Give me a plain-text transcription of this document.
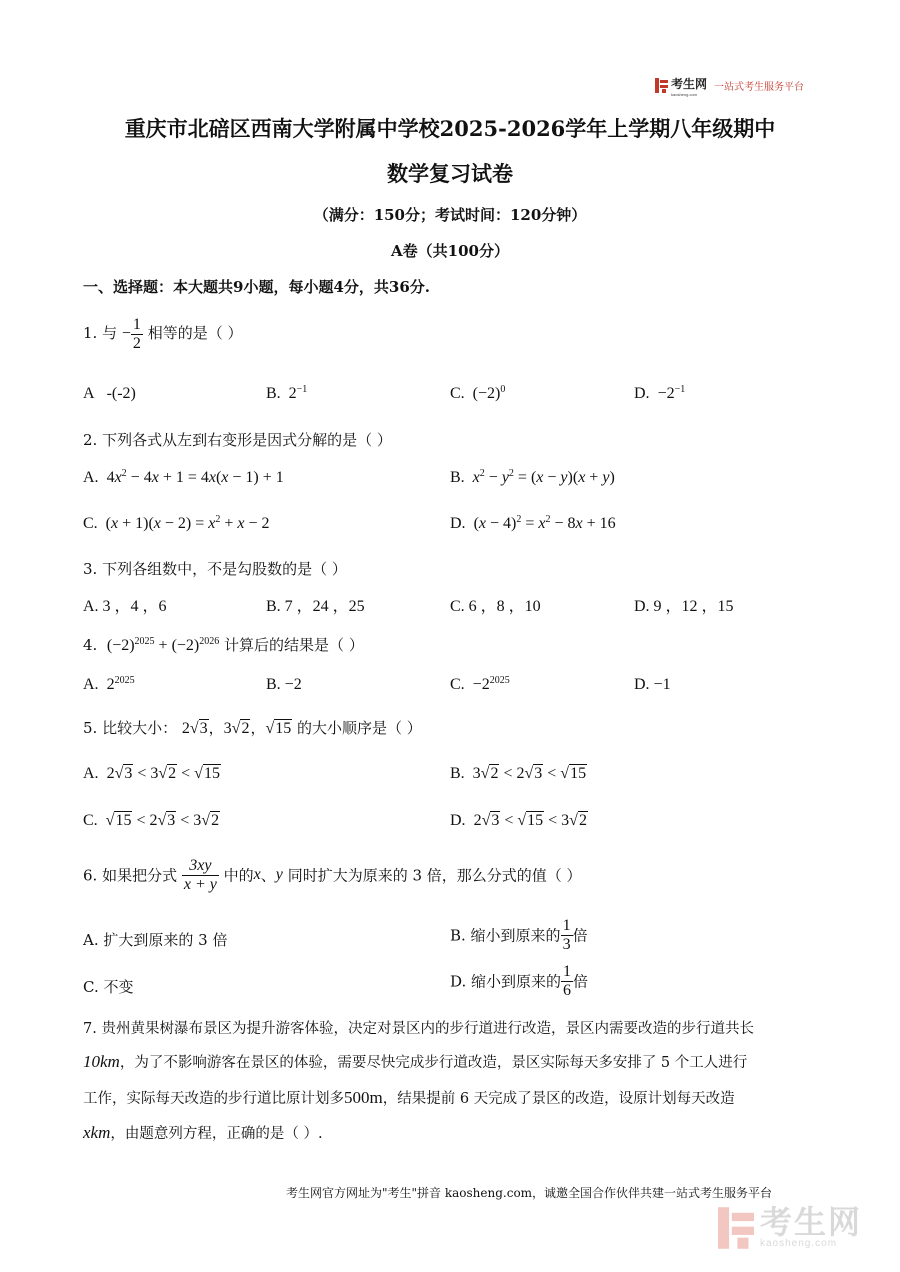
考生网
kaosheng.com
一站式考生服务平台
重庆市北碚区西南大学附属中学校2025-2026学年上学期八年级期中
数学复习试卷
（满分：150分；考试时间：120分钟）
A卷（共100分）
一、选择题：本大题共9小题，每小题4分，共36分.
1. 与 − $\frac{1}{2}$ 相等的是（ ）
A -(-2)	B. $2^{-1}$	C. $(-2)^0$	D. $-2^{-1}$
2. 下列各式从左到右变形是因式分解的是（ ）
A.  $4x^2 - 4x + 1 = 4x(x - 1) + 1$	B. $x^2 - y^2 = (x - y)(x + y)$
C.  $(x + 1)(x - 2) = x^2 + x - 2$	D.  $(x - 4)^2 = x^2 - 8x + 16$
3. 下列各组数中，不是勾股数的是（ ）
A. 3 ，4 ，6	B. 7 ，24 ，25	C. 6 ，8 ，10	D. 9 ，12 ，15
4. $(-2)^{2025} + (-2)^{2026}$ 计算后的结果是（ ）
A. $2^{2025}$	B. −2	C. $-2^{2025}$	D. −1
5. 比较大小： 2√3，3√2，√15 的大小顺序是（ ）
A.  2√3 < 3√2 < √15	B.  3√2 < 2√3 < √15
C.  √15 < 2√3 < 3√2	D.  2√3 < √15 < 3√2
6. 如果把分式 $\frac{3xy}{x + y}$ 中的x、y 同时扩大为原来的 3 倍，那么分式的值（ ）
A. 扩大到原来的 3 倍	B. 缩小到原来的 $\frac{1}{3}$ 倍
C. 不变	D. 缩小到原来的 $\frac{1}{6}$ 倍
7. 贵州黄果树瀑布景区为提升游客体验，决定对景区内的步行道进行改造，景区内需要改造的步行道共长
10km，为了不影响游客在景区的体验，需要尽快完成步行道改造，景区实际每天多安排了 5 个工人进行
工作，实际每天改造的步行道比原计划多500m，结果提前 6 天完成了景区的改造，设原计划每天改造
xkm，由题意列方程，正确的是（ ）.
考生网官方网址为"考生"拼音 kaosheng.com，诚邀全国合作伙伴共建一站式考生服务平台
考生网
kaosheng.com
